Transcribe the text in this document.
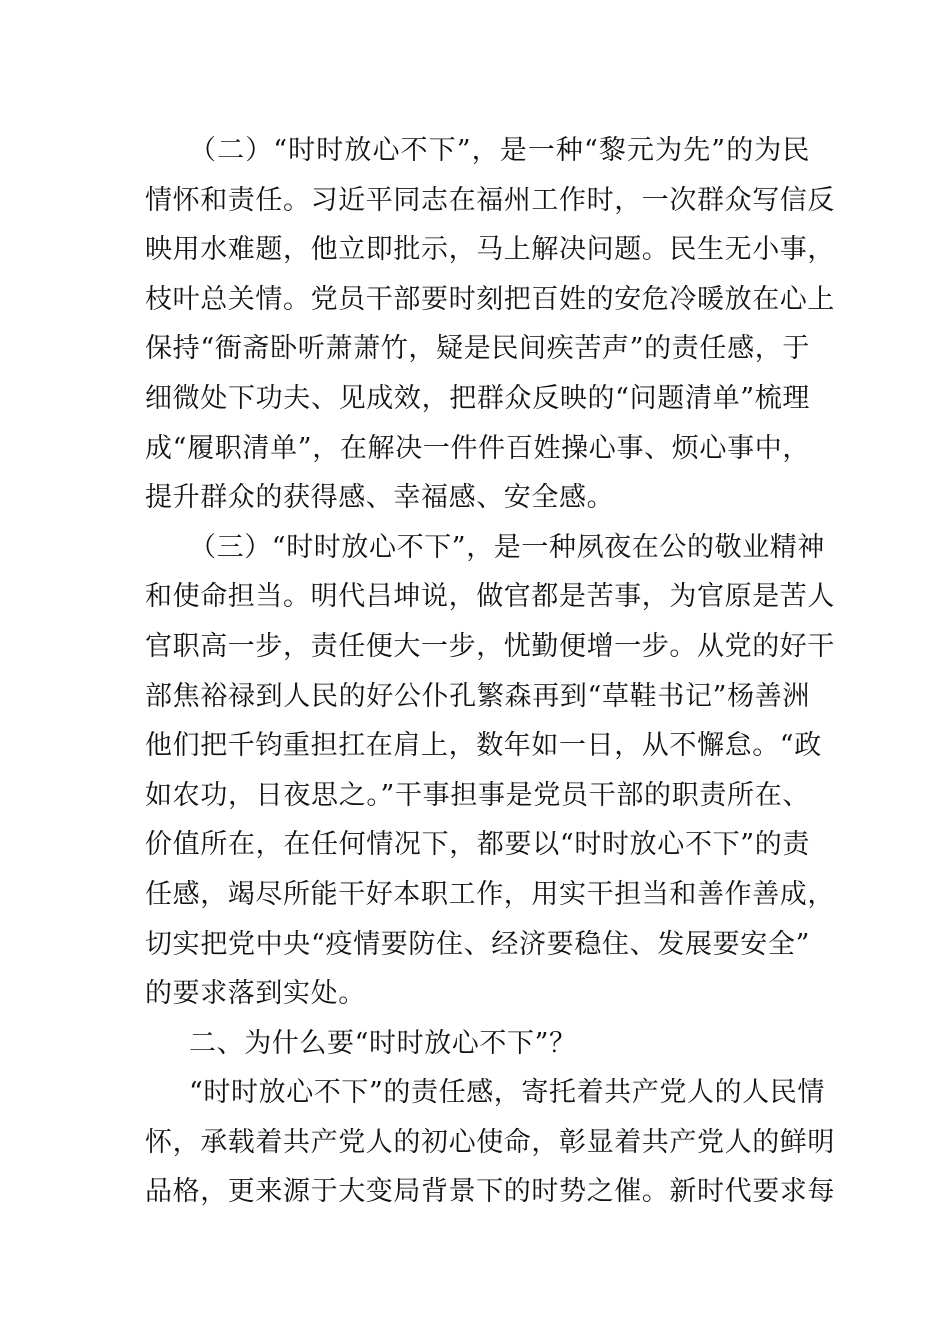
（二）“时时放心不下”，是一种“黎元为先”的为民
情怀和责任。习近平同志在福州工作时，一次群众写信反
映用水难题，他立即批示，马上解决问题。民生无小事，
枝叶总关情。党员干部要时刻把百姓的安危冷暖放在心上
保持“衙斋卧听萧萧竹，疑是民间疾苦声”的责任感，于
细微处下功夫、见成效，把群众反映的“问题清单”梳理
成“履职清单”，在解决一件件百姓操心事、烦心事中，
提升群众的获得感、幸福感、安全感。
（三）“时时放心不下”，是一种夙夜在公的敬业精神
和使命担当。明代吕坤说，做官都是苦事，为官原是苦人
官职高一步，责任便大一步，忧勤便增一步。从党的好干
部焦裕禄到人民的好公仆孔繁森再到“草鞋书记”杨善洲
他们把千钧重担扛在肩上，数年如一日，从不懈怠。“政
如农功，日夜思之。”干事担事是党员干部的职责所在、
价值所在，在任何情况下，都要以“时时放心不下”的责
任感，竭尽所能干好本职工作，用实干担当和善作善成，
切实把党中央“疫情要防住、经济要稳住、发展要安全”
的要求落到实处。
二、为什么要“时时放心不下”？
“时时放心不下”的责任感，寄托着共产党人的人民情
怀，承载着共产党人的初心使命，彰显着共产党人的鲜明
品格，更来源于大变局背景下的时势之催。新时代要求每
